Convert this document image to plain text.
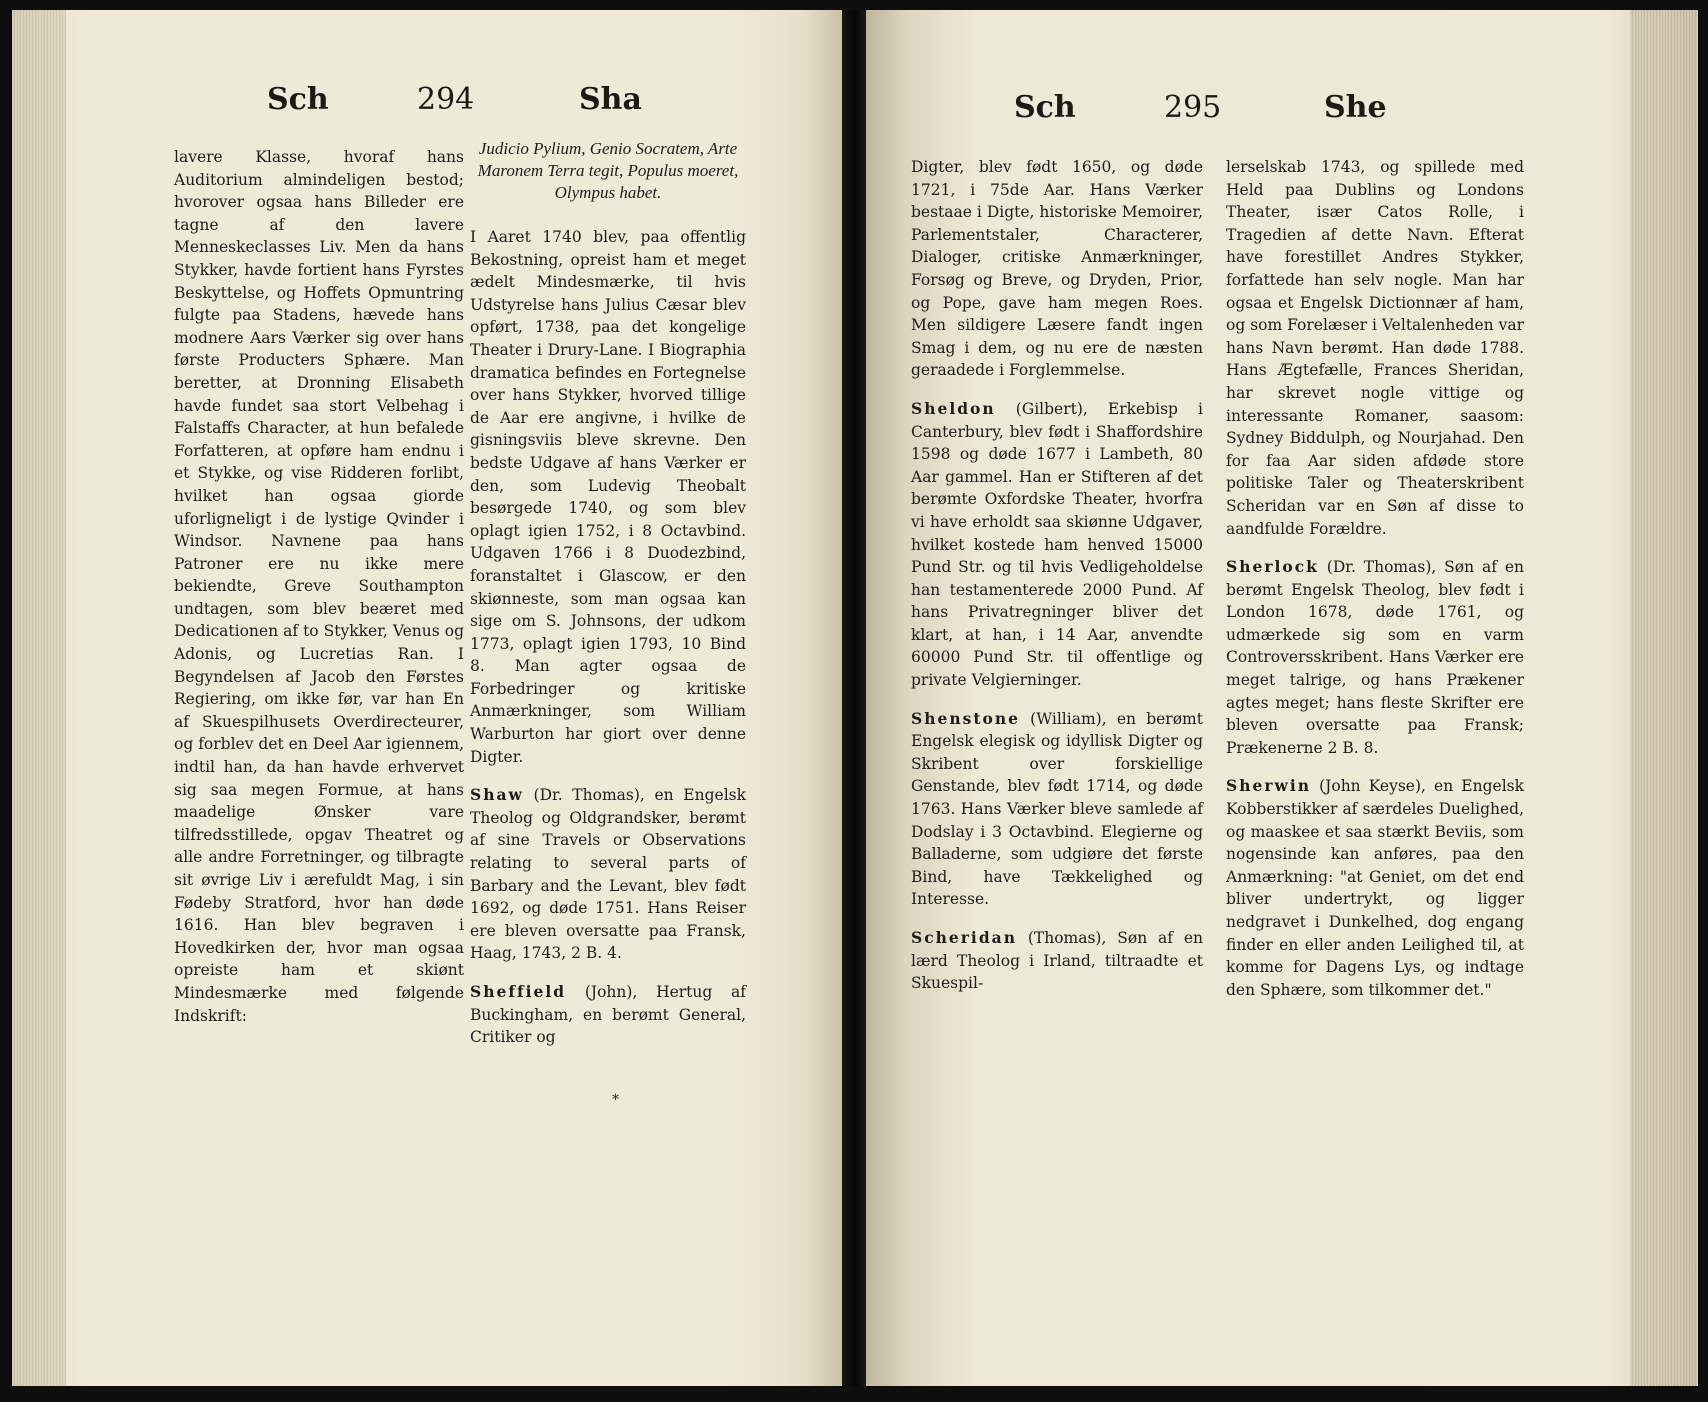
Sch	294	Sha

lavere Klasse, hvoraf hans Auditorium almindeligen bestod; hvorover ogsaa hans Billeder ere tagne af den lavere Menneskeclasses Liv. Men da hans Stykker, havde fortient hans Fyrstes Beskyttelse, og Hoffets Opmuntring fulgte paa Stadens, hævede hans modnere Aars Værker sig over hans første Producters Sphære. Man beretter, at Dronning Elisabeth havde fundet saa stort Velbehag i Falstaffs Character, at hun befalede Forfatteren, at opføre ham endnu i et Stykke, og vise Ridderen forlibt, hvilket han ogsaa giorde uforligneligt i de lystige Qvinder i Windsor. Navnene paa hans Patroner ere nu ikke mere bekiendte, Greve Southampton undtagen, som blev beæret med Dedicationen af to Stykker, Venus og Adonis, og Lucretias Ran. I Begyndelsen af Jacob den Førstes Regiering, om ikke før, var han En af Skuespilhusets Overdirecteurer, og forblev det en Deel Aar igiennem, indtil han, da han havde erhvervet sig saa megen Formue, at hans maadelige Ønsker vare tilfredsstillede, opgav Theatret og alle andre Forretninger, og tilbragte sit øvrige Liv i ærefuldt Mag, i sin Fødeby Stratford, hvor han døde 1616. Han blev begraven i Hovedkirken der, hvor man ogsaa opreiste ham et skiønt Mindesmærke med følgende Indskrift:

Judicio Pylium, Genio Socratem, Arte Maronem Terra tegit, Populus moeret, Olympus habet.

I Aaret 1740 blev, paa offentlig Bekostning, opreist ham et meget ædelt Mindesmærke, til hvis Udstyrelse hans Julius Cæsar blev opført, 1738, paa det kongelige Theater i Drury-Lane. I Biographia dramatica befindes en Fortegnelse over hans Stykker, hvorved tillige de Aar ere angivne, i hvilke de gisningsviis bleve skrevne. Den bedste Udgave af hans Værker er den, som Ludevig Theobalt besørgede 1740, og som blev oplagt igien 1752, i 8 Octavbind. Udgaven 1766 i 8 Duodezbind, foranstaltet i Glascow, er den skiønneste, som man ogsaa kan sige om S. Johnsons, der udkom 1773, oplagt igien 1793, 10 Bind 8. Man agter ogsaa de Forbedringer og kritiske Anmærkninger, som William Warburton har giort over denne Digter.

Shaw (Dr. Thomas), en Engelsk Theolog og Oldgrandsker, berømt af sine Travels or Observations relating to several parts of Barbary and the Levant, blev født 1692, og døde 1751. Hans Reiser ere bleven oversatte paa Fransk, Haag, 1743, 2 B. 4.

Sheffield (John), Hertug af Buckingham, en berømt General, Critiker og

*
Sch	295	She

Digter, blev født 1650, og døde 1721, i 75de Aar. Hans Værker bestaae i Digte, historiske Memoirer, Parlementstaler, Characterer, Dialoger, critiske Anmærkninger, Forsøg og Breve, og Dryden, Prior, og Pope, gave ham megen Roes. Men sildigere Læsere fandt ingen Smag i dem, og nu ere de næsten geraadede i Forglemmelse.

Sheldon (Gilbert), Erkebisp i Canterbury, blev født i Shaffordshire 1598 og døde 1677 i Lambeth, 80 Aar gammel. Han er Stifteren af det berømte Oxfordske Theater, hvorfra vi have erholdt saa skiønne Udgaver, hvilket kostede ham henved 15000 Pund Str. og til hvis Vedligeholdelse han testamenterede 2000 Pund. Af hans Privatregninger bliver det klart, at han, i 14 Aar, anvendte 60000 Pund Str. til offentlige og private Velgierninger.

Shenstone (William), en berømt Engelsk elegisk og idyllisk Digter og Skribent over forskiellige Genstande, blev født 1714, og døde 1763. Hans Værker bleve samlede af Dodslay i 3 Octavbind. Elegierne og Balladerne, som udgiøre det første Bind, have Tækkelighed og Interesse.

Scheridan (Thomas), Søn af en lærd Theolog i Irland, tiltraadte et Skuespil-

lerselskab 1743, og spillede med Held paa Dublins og Londons Theater, især Catos Rolle, i Tragedien af dette Navn. Efterat have forestillet Andres Stykker, forfattede han selv nogle. Man har ogsaa et Engelsk Dictionnær af ham, og som Forelæser i Veltalenheden var hans Navn berømt. Han døde 1788. Hans Ægtefælle, Frances Sheridan, har skrevet nogle vittige og interessante Romaner, saasom: Sydney Biddulph, og Nourjahad. Den for faa Aar siden afdøde store politiske Taler og Theaterskribent Scheridan var en Søn af disse to aandfulde Forældre.

Sherlock (Dr. Thomas), Søn af en berømt Engelsk Theolog, blev født i London 1678, døde 1761, og udmærkede sig som en varm Controversskribent. Hans Værker ere meget talrige, og hans Prækener agtes meget; hans fleste Skrifter ere bleven oversatte paa Fransk; Prækenerne 2 B. 8.

Sherwin (John Keyse), en Engelsk Kobberstikker af særdeles Duelighed, og maaskee et saa stærkt Beviis, som nogensinde kan anføres, paa den Anmærkning: "at Geniet, om det end bliver undertrykt, og ligger nedgravet i Dunkelhed, dog engang finder en eller anden Leilighed til, at komme for Dagens Lys, og indtage den Sphære, som tilkommer det."
